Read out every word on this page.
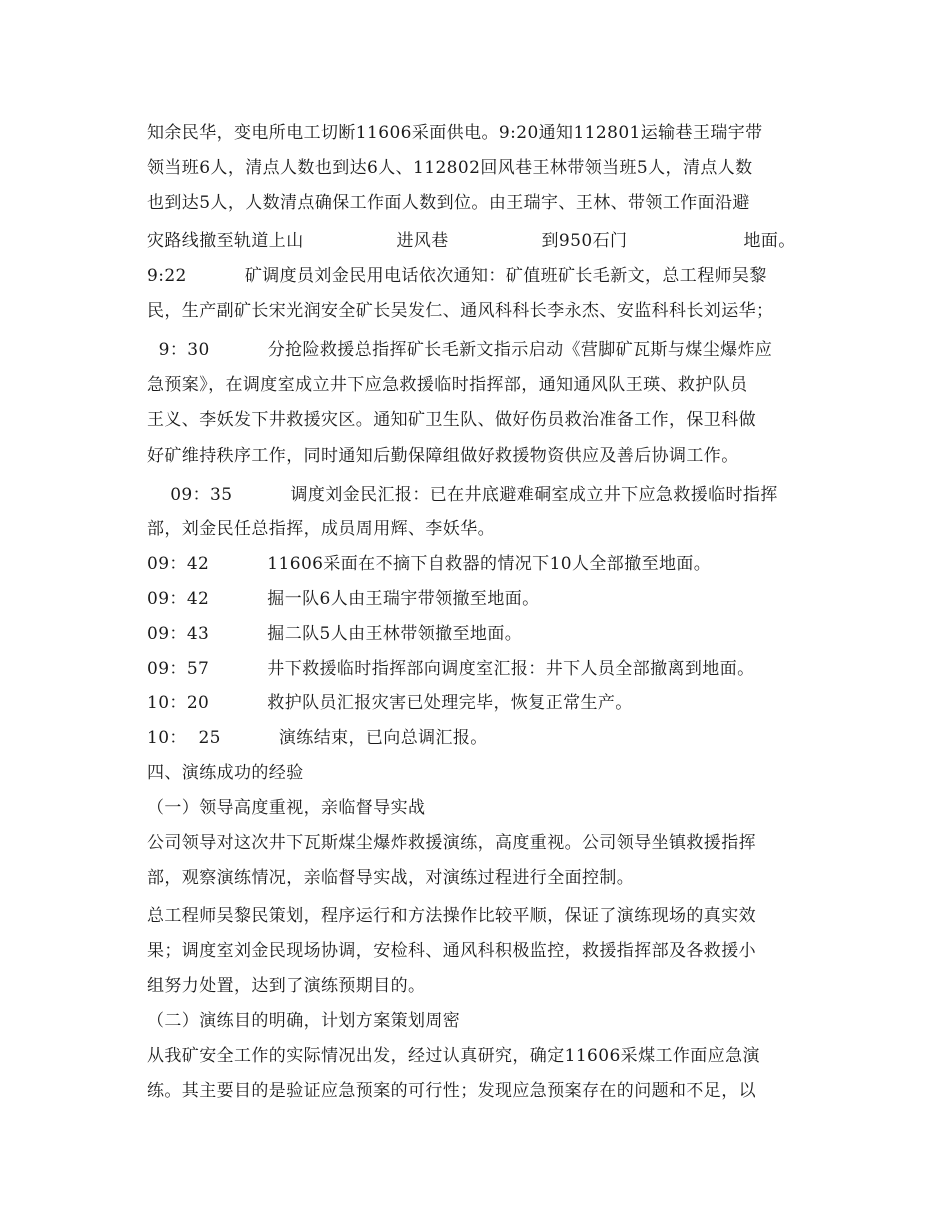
知余民华，变电所电工切断11606采面供电。9:20通知112801运输巷王瑞宇带
领当班6人，清点人数也到达6人、112802回风巷王林带领当班5人，清点人数
也到达5人，人数清点确保工作面人数到位。由王瑞宇、王林、带领工作面沿避
灾路线撤至轨道上山                进风巷                到950石门                    地面。
9:22          矿调度员刘金民用电话依次通知：矿值班矿长毛新文，总工程师吴黎
民，生产副矿长宋光润安全矿长吴发仁、通风科科长李永杰、安监科科长刘运华；
9：30          分抢险救援总指挥矿长毛新文指示启动《营脚矿瓦斯与煤尘爆炸应
急预案》，在调度室成立井下应急救援临时指挥部，通知通风队王瑛、救护队员
王义、李妖发下井救援灾区。通知矿卫生队、做好伤员救治准备工作，保卫科做
好矿维持秩序工作，同时通知后勤保障组做好救援物资供应及善后协调工作。
09：35          调度刘金民汇报：已在井底避难硐室成立井下应急救援临时指挥
部，刘金民任总指挥，成员周用辉、李妖华。
09：42          11606采面在不摘下自救器的情况下10人全部撤至地面。
09：42          掘一队6人由王瑞宇带领撤至地面。
09：43          掘二队5人由王林带领撤至地面。
09：57          井下救援临时指挥部向调度室汇报：井下人员全部撤离到地面。
10：20          救护队员汇报灾害已处理完毕，恢复正常生产。
10：  25          演练结束，已向总调汇报。
四、演练成功的经验
（一）领导高度重视，亲临督导实战
公司领导对这次井下瓦斯煤尘爆炸救援演练，高度重视。公司领导坐镇救援指挥
部，观察演练情况，亲临督导实战，对演练过程进行全面控制。
总工程师吴黎民策划，程序运行和方法操作比较平顺，保证了演练现场的真实效
果；调度室刘金民现场协调，安检科、通风科积极监控，救援指挥部及各救援小
组努力处置，达到了演练预期目的。
（二）演练目的明确，计划方案策划周密
从我矿安全工作的实际情况出发，经过认真研究，确定11606采煤工作面应急演
练。其主要目的是验证应急预案的可行性；发现应急预案存在的问题和不足，以
